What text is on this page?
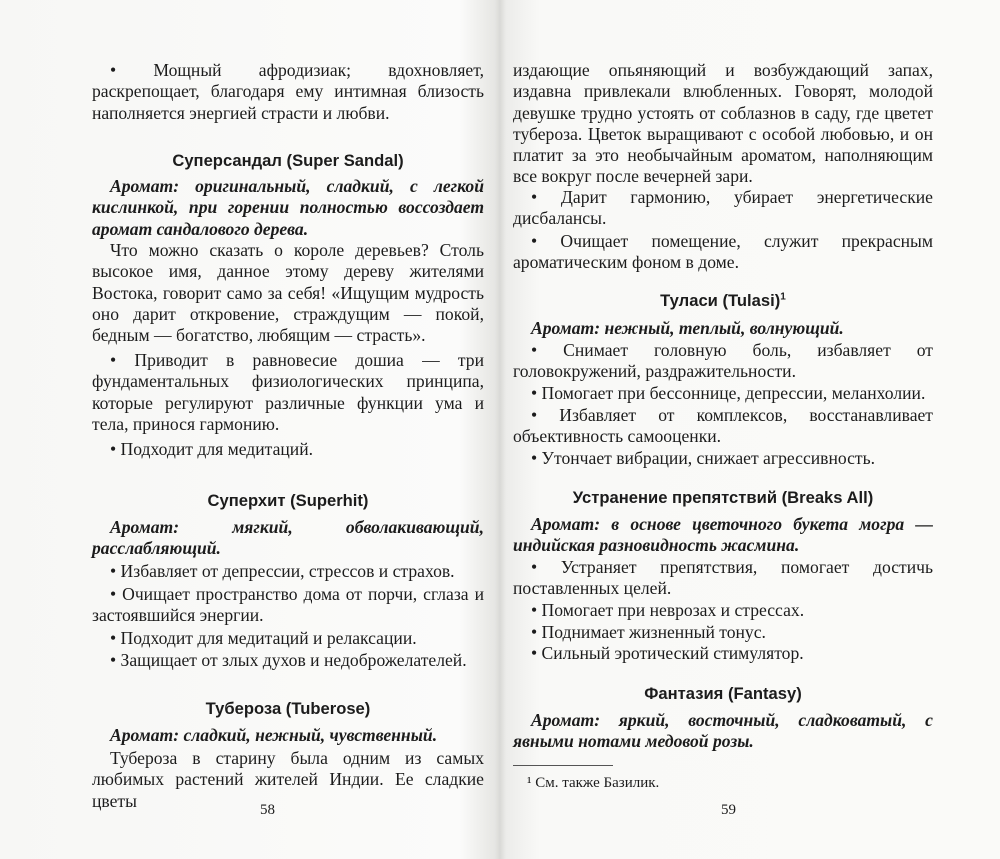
• Мощный афродизиак; вдохновляет, раскрепощает, благодаря ему интимная близость наполняется энергией страсти и любви.

Суперсандал (Super Sandal)

Аромат: оригинальный, сладкий, с легкой кислинкой, при горении полностью воссоздает аромат сандалового дерева.

Что можно сказать о короле деревьев? Столь высокое имя, данное этому дереву жителями Востока, говорит само за себя! «Ищущим мудрость оно дарит откровение, страждущим — покой, бедным — богатство, любящим — страсть».

• Приводит в равновесие дошиа — три фундаментальных физиологических принципа, которые регулируют различные функции ума и тела, принося гармонию.

• Подходит для медитаций.

Суперхит (Superhit)

Аромат: мягкий, обволакивающий, расслабляющий.

• Избавляет от депрессии, стрессов и страхов.

• Очищает пространство дома от порчи, сглаза и застоявшийся энергии.

• Подходит для медитаций и релаксации.

• Защищает от злых духов и недоброжелателей.

Тубероза (Tuberose)

Аромат: сладкий, нежный, чувственный.

Тубероза в старину была одним из самых любимых растений жителей Индии. Ее сладкие цветы	58

издающие опьяняющий и возбуждающий запах, издавна привлекали влюбленных. Говорят, молодой девушке трудно устоять от соблазнов в саду, где цветет тубероза. Цветок выращивают с особой любовью, и он платит за это необычайным ароматом, наполняющим все вокруг после вечерней зари.

• Дарит гармонию, убирает энергетические дисбалансы.

• Очищает помещение, служит прекрасным ароматическим фоном в доме.

Туласи (Tulasi)$^1$

Аромат: нежный, теплый, волнующий.

• Снимает головную боль, избавляет от головокружений, раздражительности.

• Помогает при бессоннице, депрессии, меланхолии.

• Избавляет от комплексов, восстанавливает объективность самооценки.

• Утончает вибрации, снижает агрессивность.

Устранение препятствий (Breaks All)

Аромат: в основе цветочного букета могра — индийская разновидность жасмина.

• Устраняет препятствия, помогает достичь поставленных целей.

• Помогает при неврозах и стрессах.

• Поднимает жизненный тонус.

• Сильный эротический стимулятор.

Фантазия (Fantasy)

Аромат: яркий, восточный, сладковатый, с явными нотами медовой розы.

¹ См. также Базилик.

59
